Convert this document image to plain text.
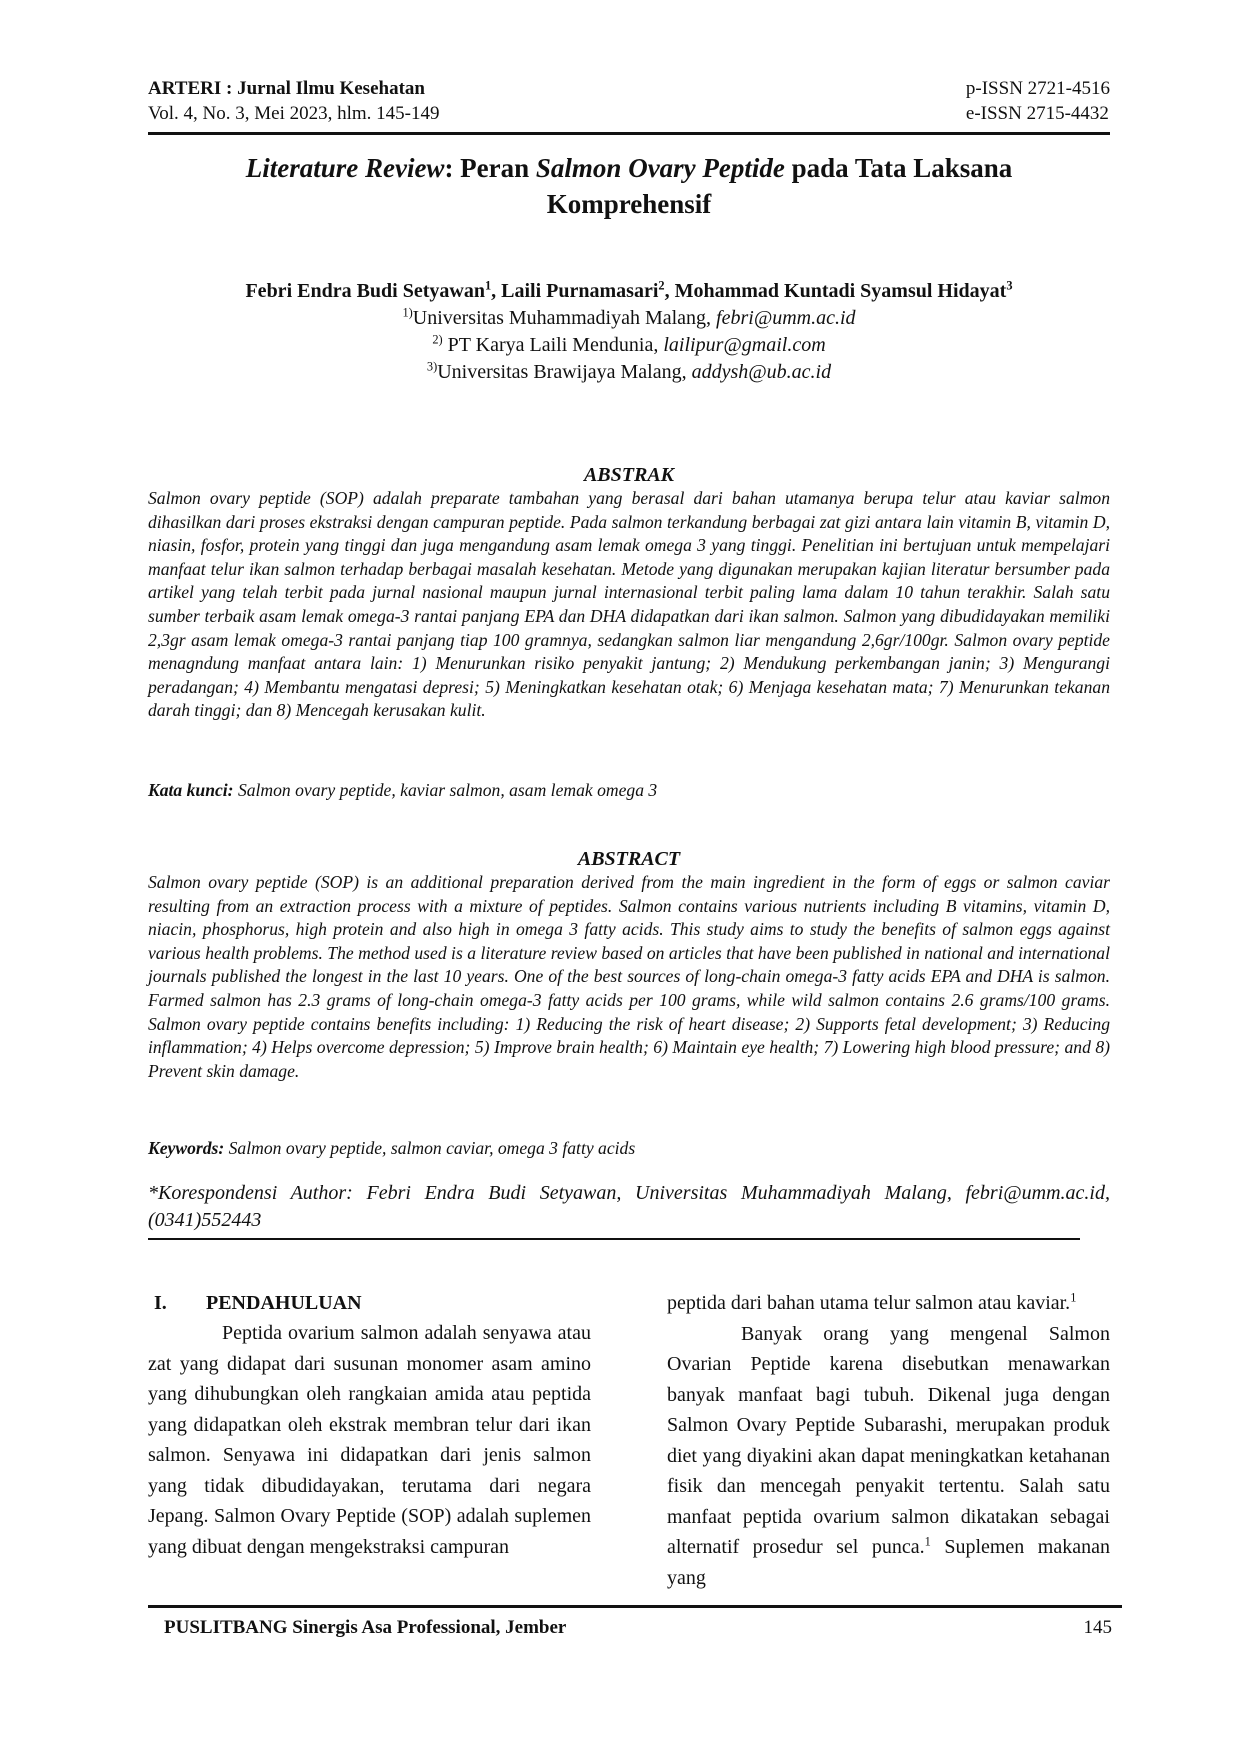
ARTERI : Jurnal Ilmu Kesehatan
Vol. 4, No. 3, Mei 2023, hlm. 145-149
p-ISSN 2721-4516
e-ISSN 2715-4432
Literature Review: Peran Salmon Ovary Peptide pada Tata Laksana
Komprehensif
Febri Endra Budi Setyawan$^1$, Laili Purnamasari$^2$, Mohammad Kuntadi Syamsul Hidayat$^3$
$^{1)}$Universitas Muhammadiyah Malang, febri@umm.ac.id
$^{2)}$ PT Karya Laili Mendunia, lailipur@gmail.com
$^{3)}$Universitas Brawijaya Malang, addysh@ub.ac.id
ABSTRAK

Salmon ovary peptide (SOP) adalah preparate tambahan yang berasal dari bahan utamanya berupa telur atau kaviar salmon dihasilkan dari proses ekstraksi dengan campuran peptide. Pada salmon terkandung berbagai zat gizi antara lain vitamin B, vitamin D, niasin, fosfor, protein yang tinggi dan juga mengandung asam lemak omega 3 yang tinggi. Penelitian ini bertujuan untuk mempelajari manfaat telur ikan salmon terhadap berbagai masalah kesehatan. Metode yang digunakan merupakan kajian literatur bersumber pada artikel yang telah terbit pada jurnal nasional maupun jurnal internasional terbit paling lama dalam 10 tahun terakhir. Salah satu sumber terbaik asam lemak omega-3 rantai panjang EPA dan DHA didapatkan dari ikan salmon. Salmon yang dibudidayakan memiliki 2,3gr asam lemak omega-3 rantai panjang tiap 100 gramnya, sedangkan salmon liar mengandung 2,6gr/100gr. Salmon ovary peptide menagndung manfaat antara lain: 1) Menurunkan risiko penyakit jantung; 2) Mendukung perkembangan janin; 3) Mengurangi peradangan; 4) Membantu mengatasi depresi; 5) Meningkatkan kesehatan otak; 6) Menjaga kesehatan mata; 7) Menurunkan tekanan darah tinggi; dan 8) Mencegah kerusakan kulit.

Kata kunci: Salmon ovary peptide, kaviar salmon, asam lemak omega 3
ABSTRACT

Salmon ovary peptide (SOP) is an additional preparation derived from the main ingredient in the form of eggs or salmon caviar resulting from an extraction process with a mixture of peptides. Salmon contains various nutrients including B vitamins, vitamin D, niacin, phosphorus, high protein and also high in omega 3 fatty acids. This study aims to study the benefits of salmon eggs against various health problems. The method used is a literature review based on articles that have been published in national and international journals published the longest in the last 10 years. One of the best sources of long-chain omega-3 fatty acids EPA and DHA is salmon. Farmed salmon has 2.3 grams of long-chain omega-3 fatty acids per 100 grams, while wild salmon contains 2.6 grams/100 grams. Salmon ovary peptide contains benefits including: 1) Reducing the risk of heart disease; 2) Supports fetal development; 3) Reducing inflammation; 4) Helps overcome depression; 5) Improve brain health; 6) Maintain eye health; 7) Lowering high blood pressure; and 8) Prevent skin damage.

Keywords: Salmon ovary peptide, salmon caviar, omega 3 fatty acids
*Korespondensi Author: Febri Endra Budi Setyawan, Universitas Muhammadiyah Malang, febri@umm.ac.id, (0341)552443
I. PENDAHULUAN

Peptida ovarium salmon adalah senyawa atau zat yang didapat dari susunan monomer asam amino yang dihubungkan oleh rangkaian amida atau peptida yang didapatkan oleh ekstrak membran telur dari ikan salmon. Senyawa ini didapatkan dari jenis salmon yang tidak dibudidayakan, terutama dari negara Jepang. Salmon Ovary Peptide (SOP) adalah suplemen yang dibuat dengan mengekstraksi campuran

peptida dari bahan utama telur salmon atau kaviar.$^1$

Banyak orang yang mengenal Salmon Ovarian Peptide karena disebutkan menawarkan banyak manfaat bagi tubuh. Dikenal juga dengan Salmon Ovary Peptide Subarashi, merupakan produk diet yang diyakini akan dapat meningkatkan ketahanan fisik dan mencegah penyakit tertentu. Salah satu manfaat peptida ovarium salmon dikatakan sebagai alternatif prosedur sel punca.$^1$ Suplemen makanan yang

PUSLITBANG Sinergis Asa Professional, Jember	145
